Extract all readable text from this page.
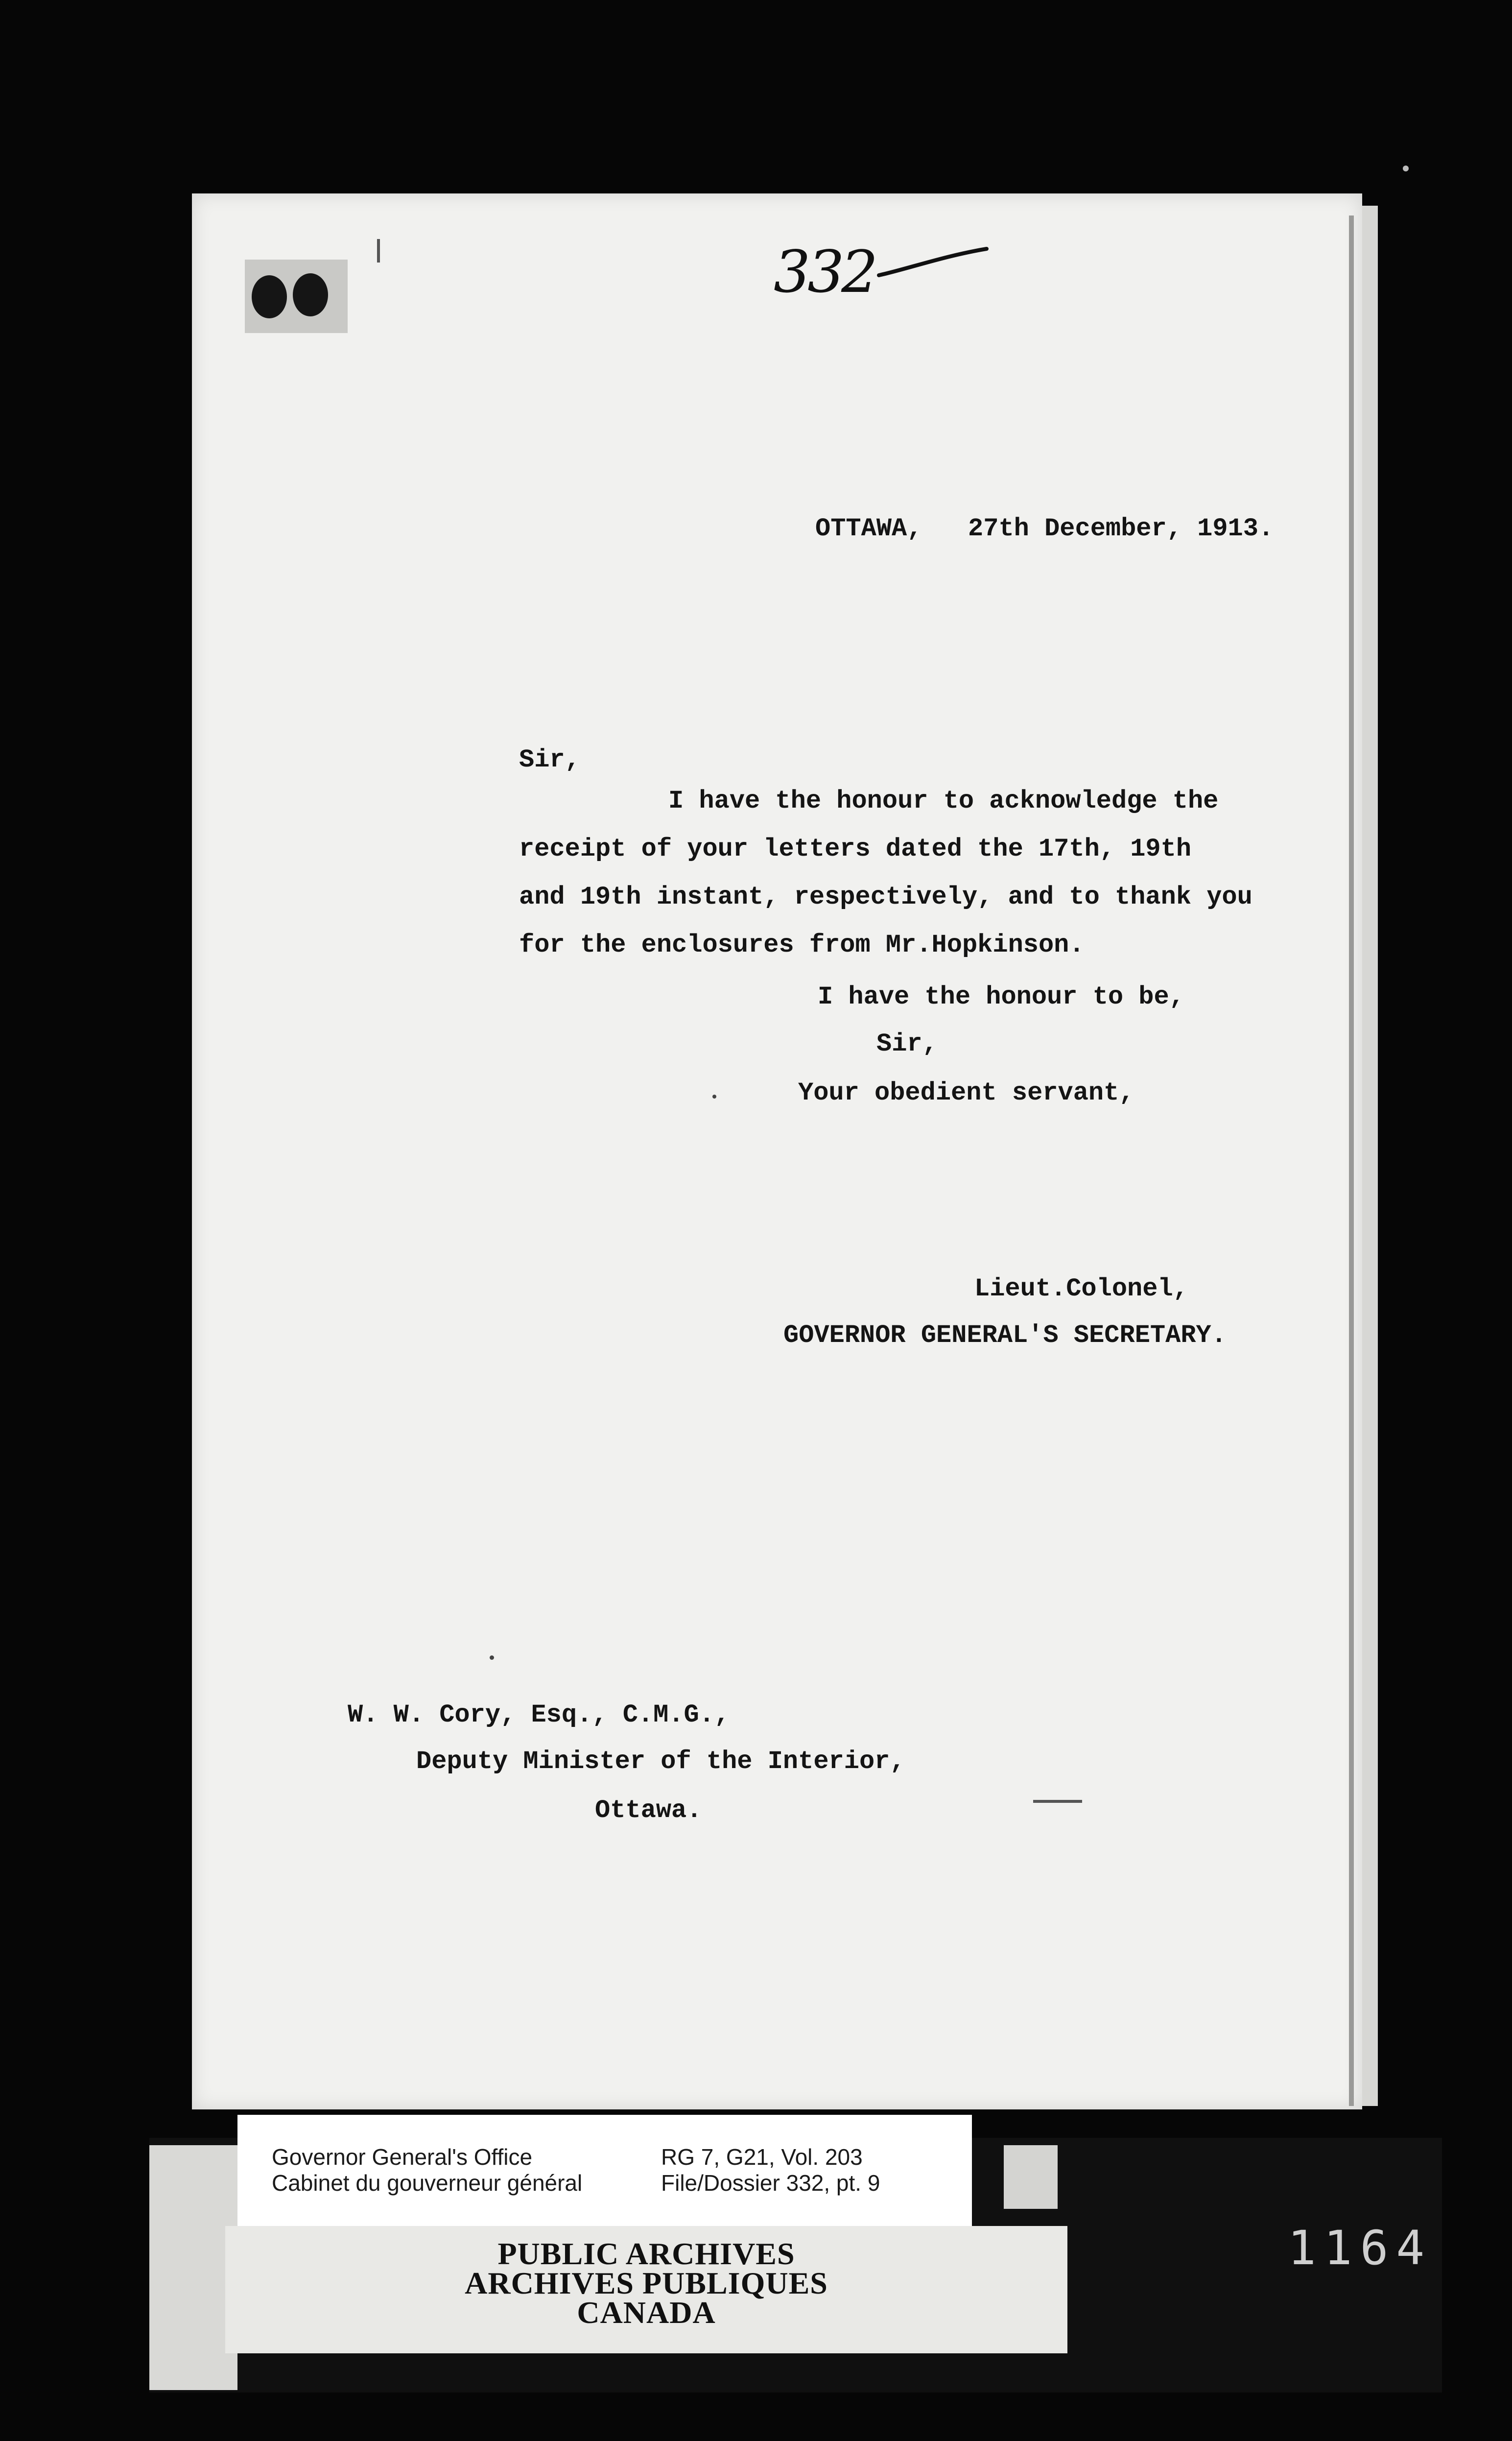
332
OTTAWA,   27th December, 1913.
Sir,
I have the honour to acknowledge the
receipt of your letters dated the 17th, 19th
and 19th instant, respectively, and to thank you
for the enclosures from Mr.Hopkinson.
I have the honour to be,
Sir,
Your obedient servant,
Lieut.Colonel,
GOVERNOR GENERAL'S SECRETARY.
W. W. Cory, Esq., C.M.G.,
Deputy Minister of the Interior,
Ottawa.
Governor General's Office
Cabinet du gouverneur général
RG 7, G21, Vol. 203
File/Dossier 332, pt. 9
PUBLIC ARCHIVES
ARCHIVES PUBLIQUES
CANADA
1164
